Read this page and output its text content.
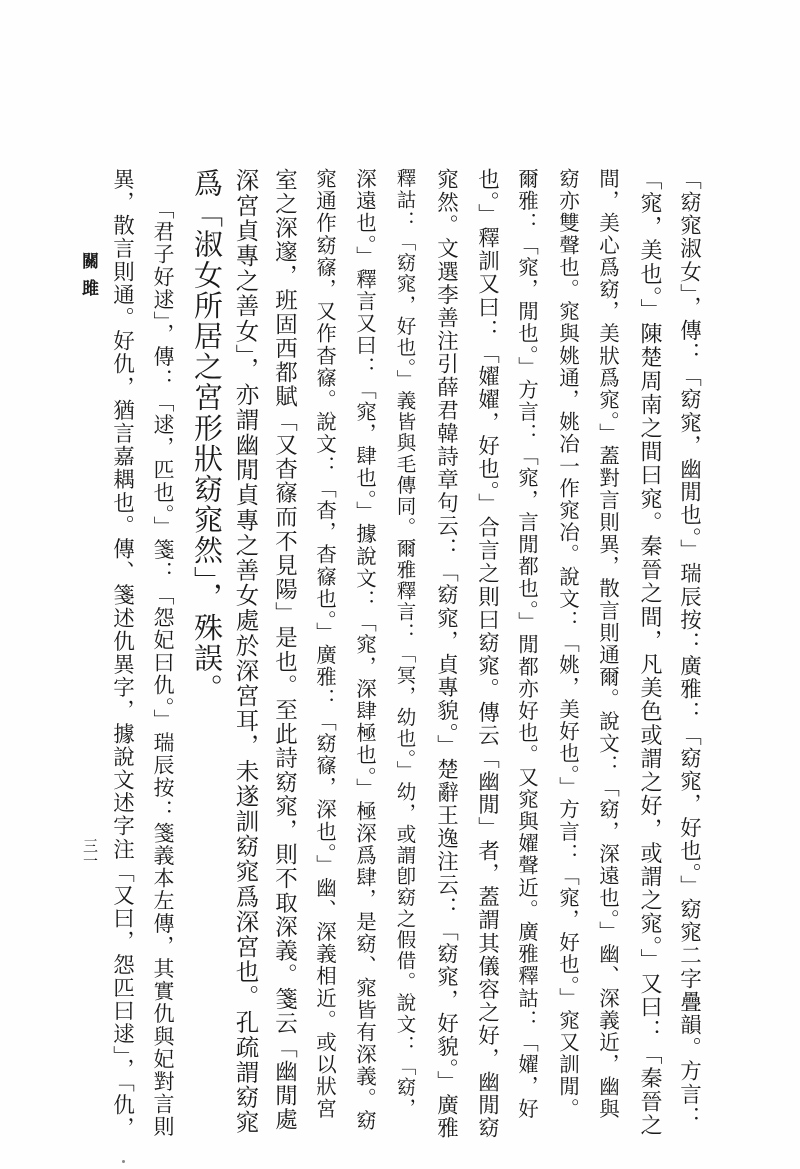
關雎
三一	「窈窕淑女」，傳：「窈窕，幽閒也。」瑞辰按：廣雅：「窈窕，好也。」窈窕二字疊韻。方言：
「窕，美也。」陳楚周南之間曰窕。秦晉之間，凡美色或謂之好，或謂之窕。」又曰：「秦晉之
間，美心爲窈，美狀爲窕。」蓋對言則異，散言則通爾。說文：「窈，深遠也。」幽、深義近，幽與
窈亦雙聲也。窕與姚通，姚冶一作窕冶。說文：「姚，美好也。」方言：「窕，好也。」窕又訓閒。
爾雅：「窕，閒也。」方言：「窕，言閒都也。」閒都亦好也。又窕與嬥聲近。廣雅釋詁：「嬥，好
也。」釋訓又曰：「嬥嬥，好也。」合言之則曰窈窕。傳云「幽閒」者，蓋謂其儀容之好，幽閒窈
窕然。文選李善注引薛君韓詩章句云：「窈窕，貞專貌。」楚辭王逸注云：「窈窕，好貌。」廣雅
釋詁：「窈窕，好也。」義皆與毛傳同。爾雅釋言：「冥，幼也。」幼，或謂卽窈之假借。說文：「窈，
深遠也。」釋言又曰：「窕，肆也。」據說文：「窕，深肆極也。」極深爲肆，是窈、窕皆有深義。窈
窕通作窈窱，又作杳窱。說文：「杳，杳窱也。」廣雅：「窈窱，深也。」幽、深義相近。或以狀宮
室之深邃，班固西都賦「又杳窱而不見陽」是也。至此詩窈窕，則不取深義。箋云「幽閒處
深宮貞專之善女」，亦謂幽閒貞專之善女處於深宮耳，未遂訓窈窕爲深宮也。孔疏謂窈窕
爲「淑女所居之宮形狀窈窕然」，殊誤。
「君子好逑」，傳：「逑，匹也。」箋：「怨妃曰仇。」瑞辰按：箋義本左傳，其實仇與妃對言則
異，散言則通。好仇，猶言嘉耦也。傳、箋述仇異字，據說文述字注「又曰，怨匹曰逑」，「仇，
